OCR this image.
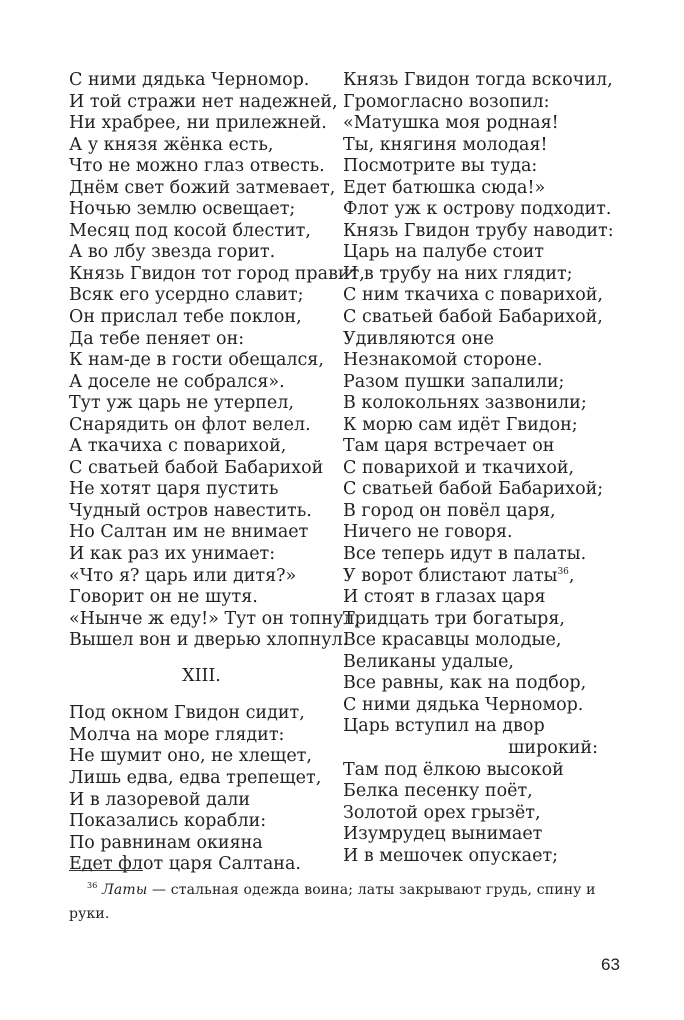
С ними дядька Черномор.
И той стражи нет надежней,
Ни храбрее, ни прилежней.
А у князя жёнка есть,
Что не можно глаз отвесть.
Днём свет божий затмевает,
Ночью землю освещает;
Месяц под косой блестит,
А во лбу звезда горит.
Князь Гвидон тот город правит,
Всяк его усердно славит;
Он прислал тебе поклон,
Да тебе пеняет он:
К нам-де в гости обещался,
А доселе не собрался».
Тут уж царь не утерпел,
Снарядить он флот велел.
А ткачиха с поварихой,
С сватьей бабой Бабарихой
Не хотят царя пустить
Чудный остров навестить.
Но Салтан им не внимает
И как раз их унимает:
«Что я? царь или дитя?»
Говорит он не шутя.
«Нынче ж еду!» Тут он топнул,
Вышел вон и дверью хлопнул.
XIII.
Под окном Гвидон сидит,
Молча на море глядит:
Не шумит оно, не хлещет,
Лишь едва, едва трепещет,
И в лазоревой дали
Показались корабли:
По равнинам окияна
Едет флот царя Салтана.
Князь Гвидон тогда вскочил,
Громогласно возопил:
«Матушка моя родная!
Ты, княгиня молодая!
Посмотрите вы туда:
Едет батюшка сюда!»
Флот уж к острову подходит.
Князь Гвидон трубу наводит:
Царь на палубе стоит
И в трубу на них глядит;
С ним ткачиха с поварихой,
С сватьей бабой Бабарихой,
Удивляются оне
Незнакомой стороне.
Разом пушки запалили;
В колокольнях зазвонили;
К морю сам идёт Гвидон;
Там царя встречает он
С поварихой и ткачихой,
С сватьей бабой Бабарихой;
В город он повёл царя,
Ничего не говоря.
Все теперь идут в палаты.
У ворот блистают латы$^{36}$,
И стоят в глазах царя
Тридцать три богатыря,
Все красавцы молодые,
Великаны удалые,
Все равны, как на подбор,
С ними дядька Черномор.
Царь вступил на двор
широкий:
Там под ёлкою высокой
Белка песенку поёт,
Золотой орех грызёт,
Изумрудец вынимает
И в мешочек опускает;
$^{36}$ Латы — стальная одежда воина; латы закрывают грудь, спину и руки.
63
